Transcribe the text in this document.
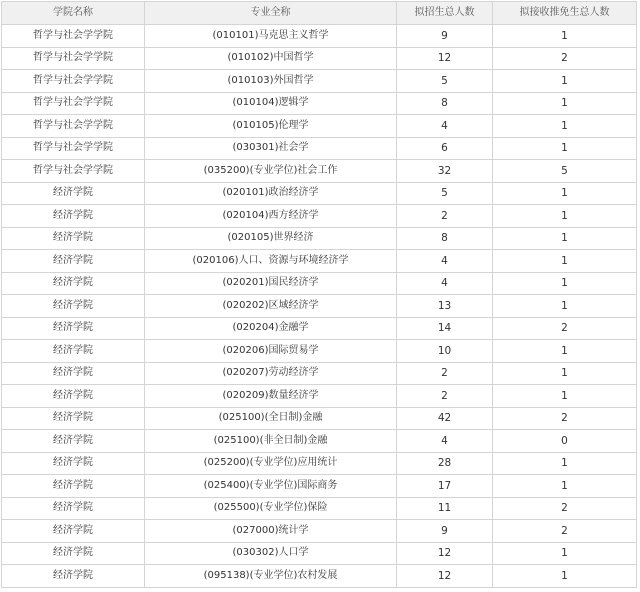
学院名称	专业全称	拟招生总人数	拟接收推免生总人数
哲学与社会学学院	(010101)马克思主义哲学	9	1
哲学与社会学学院	(010102)中国哲学	12	2
哲学与社会学学院	(010103)外国哲学	5	1
哲学与社会学学院	(010104)逻辑学	8	1
哲学与社会学学院	(010105)伦理学	4	1
哲学与社会学学院	(030301)社会学	6	1
哲学与社会学学院	(035200)(专业学位)社会工作	32	5
经济学院	(020101)政治经济学	5	1
经济学院	(020104)西方经济学	2	1
经济学院	(020105)世界经济	8	1
经济学院	(020106)人口、资源与环境经济学	4	1
经济学院	(020201)国民经济学	4	1
经济学院	(020202)区域经济学	13	1
经济学院	(020204)金融学	14	2
经济学院	(020206)国际贸易学	10	1
经济学院	(020207)劳动经济学	2	1
经济学院	(020209)数量经济学	2	1
经济学院	(025100)(全日制)金融	42	2
经济学院	(025100)(非全日制)金融	4	0
经济学院	(025200)(专业学位)应用统计	28	1
经济学院	(025400)(专业学位)国际商务	17	1
经济学院	(025500)(专业学位)保险	11	2
经济学院	(027000)统计学	9	2
经济学院	(030302)人口学	12	1
经济学院	(095138)(专业学位)农村发展	12	1
